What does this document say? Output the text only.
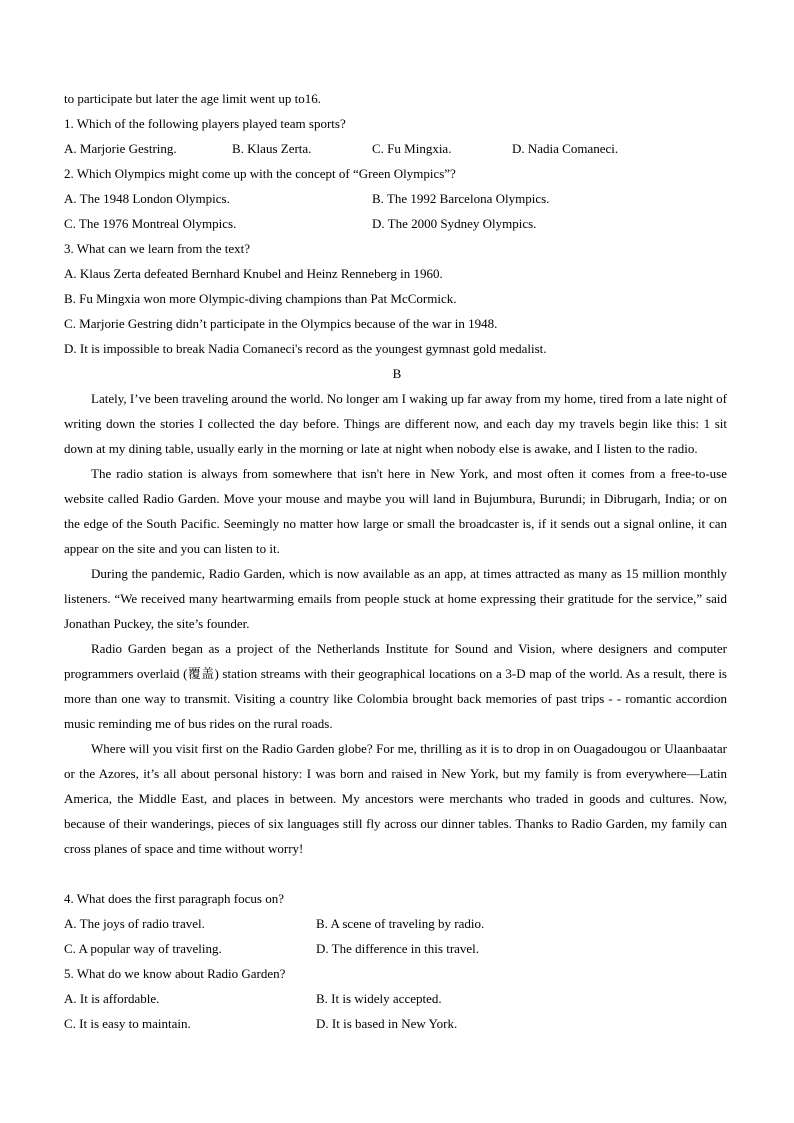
to participate but later the age limit went up to16.
1. Which of the following players played team sports?
A. Marjorie Gestring.	B. Klaus Zerta.	C. Fu Mingxia.	D. Nadia Comaneci.
2. Which Olympics might come up with the concept of “Green Olympics”?
A. The 1948 London Olympics.	B. The 1992 Barcelona Olympics.
C. The 1976 Montreal Olympics.	D. The 2000 Sydney Olympics.
3. What can we learn from the text?
A. Klaus Zerta defeated Bernhard Knubel and Heinz Renneberg in 1960.
B. Fu Mingxia won more Olympic-diving champions than Pat McCormick.
C. Marjorie Gestring didn’t participate in the Olympics because of the war in 1948.
D. It is impossible to break Nadia Comaneci's record as the youngest gymnast gold medalist.
B

Lately, I’ve been traveling around the world. No longer am I waking up far away from my home, tired from a late night of writing down the stories I collected the day before. Things are different now, and each day my travels begin like this: 1 sit down at my dining table, usually early in the morning or late at night when nobody else is awake, and I listen to the radio.

The radio station is always from somewhere that isn't here in New York, and most often it comes from a free-to-use website called Radio Garden. Move your mouse and maybe you will land in Bujumbura, Burundi; in Dibrugarh, India; or on the edge of the South Pacific. Seemingly no matter how large or small the broadcaster is, if it sends out a signal online, it can appear on the site and you can listen to it.

During the pandemic, Radio Garden, which is now available as an app, at times attracted as many as 15 million monthly listeners. “We received many heartwarming emails from people stuck at home expressing their gratitude for the service,” said Jonathan Puckey, the site’s founder.

Radio Garden began as a project of the Netherlands Institute for Sound and Vision, where designers and computer programmers overlaid (覆盖) station streams with their geographical locations on a 3-D map of the world. As a result, there is more than one way to transmit. Visiting a country like Colombia brought back memories of past trips - - romantic accordion music reminding me of bus rides on the rural roads.

Where will you visit first on the Radio Garden globe? For me, thrilling as it is to drop in on Ouagadougou or Ulaanbaatar or the Azores, it’s all about personal history: I was born and raised in New York, but my family is from everywhere—Latin America, the Middle East, and places in between. My ancestors were merchants who traded in goods and cultures. Now, because of their wanderings, pieces of six languages still fly across our dinner tables. Thanks to Radio Garden, my family can cross planes of space and time without worry!

4. What does the first paragraph focus on?
A. The joys of radio travel.	B. A scene of traveling by radio.
C. A popular way of traveling.	D. The difference in this travel.
5. What do we know about Radio Garden?
A. It is affordable.	B. It is widely accepted.
C. It is easy to maintain.	D. It is based in New York.
